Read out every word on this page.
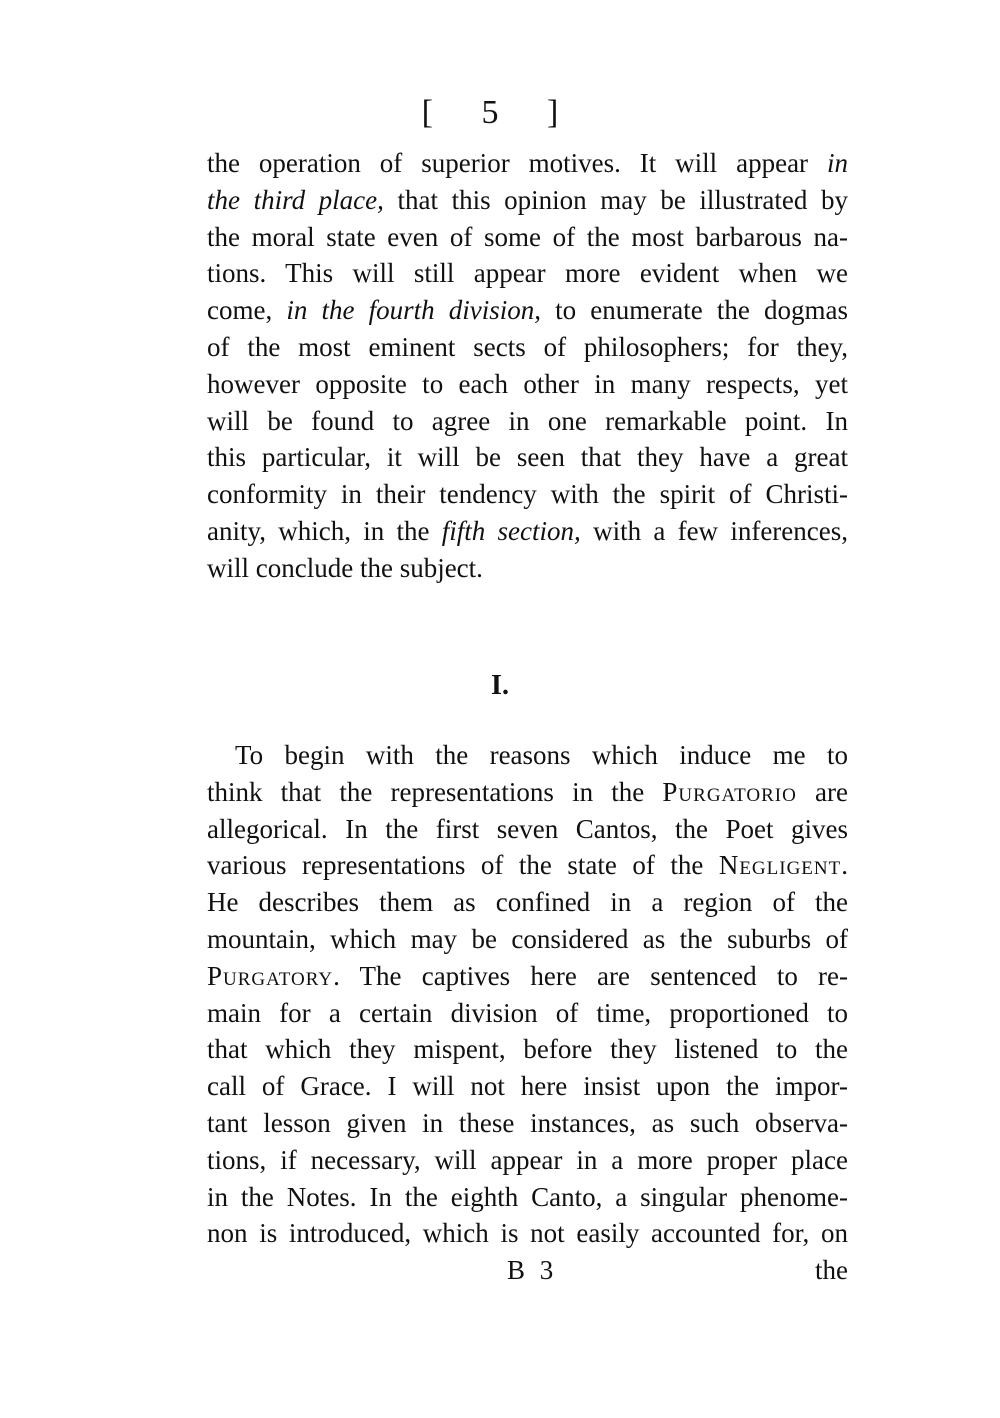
[ 5 ]
the operation of superior motives. It will appear in
the third place, that this opinion may be illustrated by
the moral state even of some of the most barbarous na-
tions. This will still appear more evident when we
come, in the fourth division, to enumerate the dogmas
of the most eminent sects of philosophers; for they,
however opposite to each other in many respects, yet
will be found to agree in one remarkable point. In
this particular, it will be seen that they have a great
conformity in their tendency with the spirit of Christi-
anity, which, in the fifth section, with a few inferences,
will conclude the subject.
I.
To begin with the reasons which induce me to
think that the representations in the Purgatorio are
allegorical. In the first seven Cantos, the Poet gives
various representations of the state of the Negligent.
He describes them as confined in a region of the
mountain, which may be considered as the suburbs of
Purgatory. The captives here are sentenced to re-
main for a certain division of time, proportioned to
that which they mispent, before they listened to the
call of Grace. I will not here insist upon the impor-
tant lesson given in these instances, as such observa-
tions, if necessary, will appear in a more proper place
in the Notes. In the eighth Canto, a singular phenome-
non is introduced, which is not easily accounted for, on
B 3	the
